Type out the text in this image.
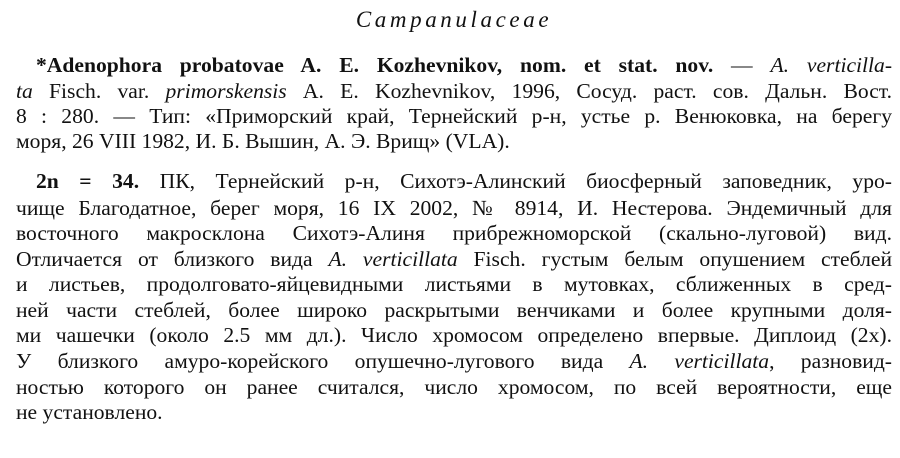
Campanulaceae
*Adenophora probatovae A. E. Kozhevnikov, nom. et stat. nov. — A. verticilla-
ta Fisch. var. primorskensis А. Е. Kozhevnikov, 1996, Сосуд. раст. сов. Дальн. Вост.
8 : 280. — Тип: «Приморский край, Тернейский р-н, устье р. Венюковка, на берегу
моря, 26 VIII 1982, И. Б. Вышин, А. Э. Врищ» (VLA).
2n = 34. ПК, Тернейский р-н, Сихотэ-Алинский биосферный заповедник, уро-
чище Благодатное, берег моря, 16 IX 2002, № 8914, И. Нестерова. Эндемичный для
восточного макросклона Сихотэ-Алиня прибрежноморской (скально-луговой) вид.
Отличается от близкого вида A. verticillata Fisch. густым белым опушением стеблей
и листьев, продолговато-яйцевидными листьями в мутовках, сближенных в сред-
ней части стеблей, более широко раскрытыми венчиками и более крупными доля-
ми чашечки (около 2.5 мм дл.). Число хромосом определено впервые. Диплоид (2х).
У близкого амуро-корейского опушечно-лугового вида A. verticillata, разновид-
ностью которого он ранее считался, число хромосом, по всей вероятности, еще
не установлено.
